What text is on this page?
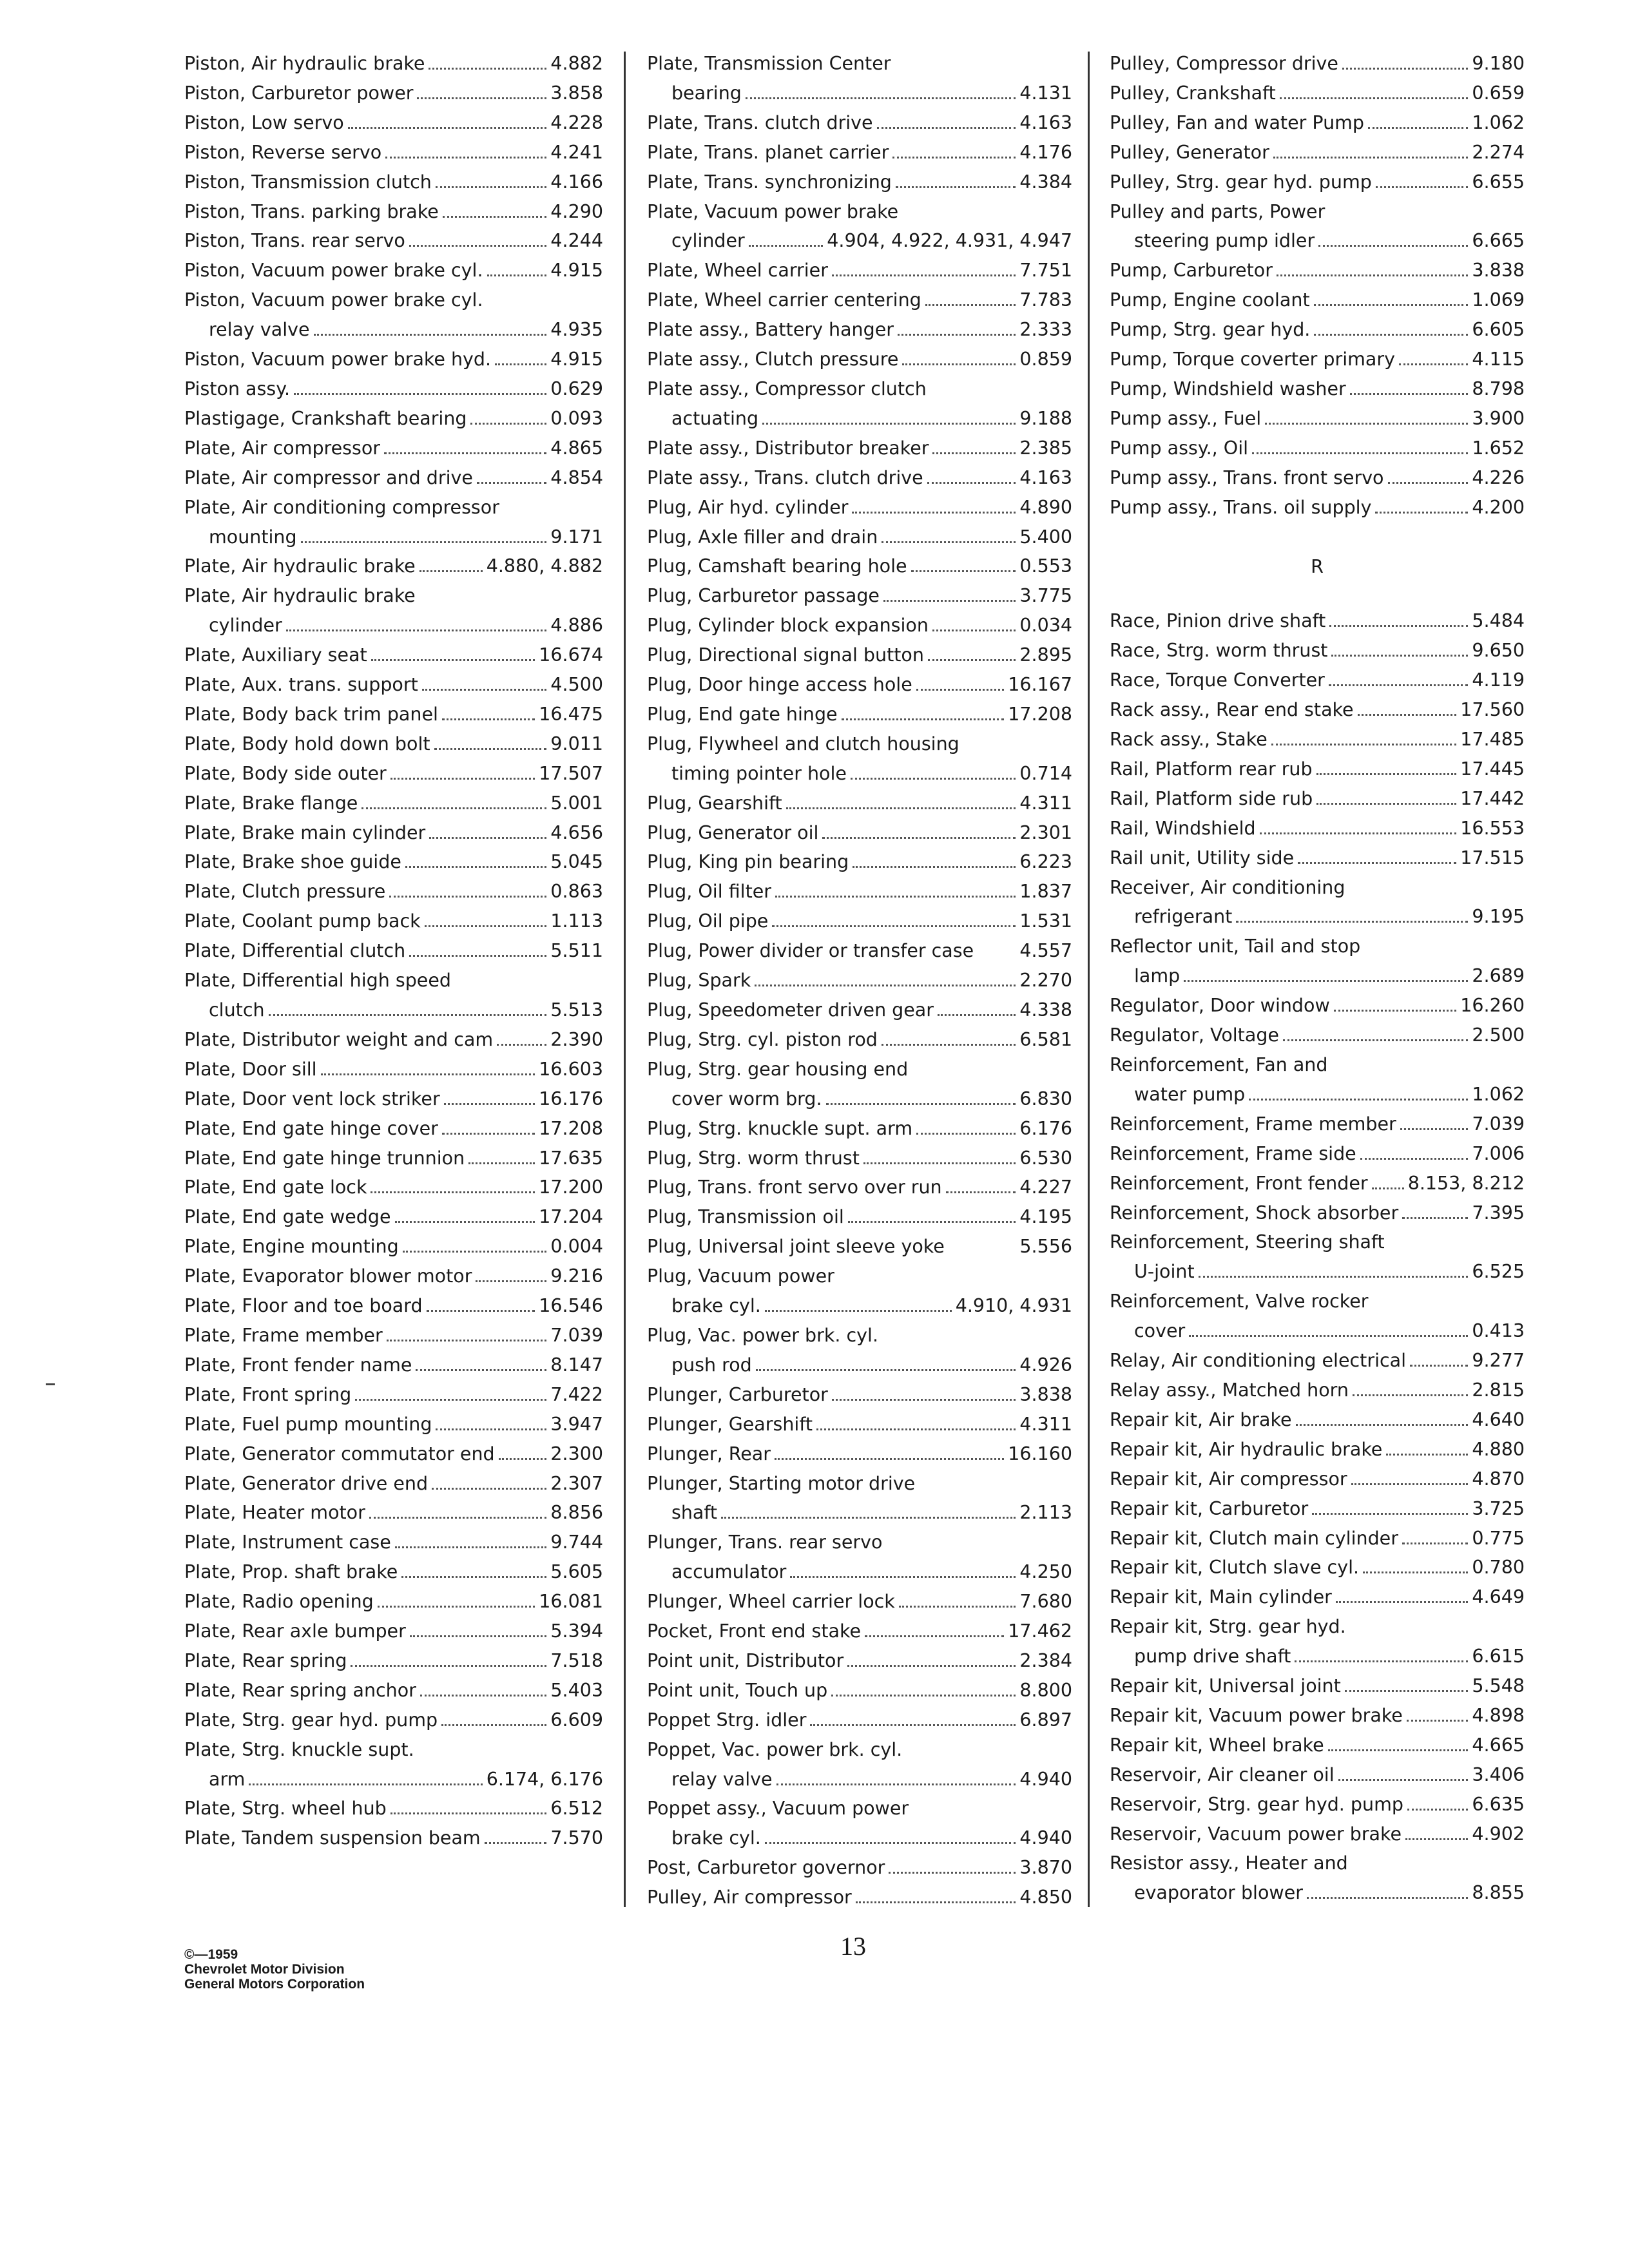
Piston, Air hydraulic brake	4.882
Piston, Carburetor power	3.858
Piston, Low servo	4.228
Piston, Reverse servo	4.241
Piston, Transmission clutch	4.166
Piston, Trans. parking brake	4.290
Piston, Trans. rear servo	4.244
Piston, Vacuum power brake cyl.	4.915
Piston, Vacuum power brake cyl.
relay valve	4.935
Piston, Vacuum power brake hyd.	4.915
Piston assy.	0.629
Plastigage, Crankshaft bearing	0.093
Plate, Air compressor	4.865
Plate, Air compressor and drive	4.854
Plate, Air conditioning compressor
mounting	9.171
Plate, Air hydraulic brake	4.880, 4.882
Plate, Air hydraulic brake
cylinder	4.886
Plate, Auxiliary seat	16.674
Plate, Aux. trans. support	4.500
Plate, Body back trim panel	16.475
Plate, Body hold down bolt	9.011
Plate, Body side outer	17.507
Plate, Brake flange	5.001
Plate, Brake main cylinder	4.656
Plate, Brake shoe guide	5.045
Plate, Clutch pressure	0.863
Plate, Coolant pump back	1.113
Plate, Differential clutch	5.511
Plate, Differential high speed
clutch	5.513
Plate, Distributor weight and cam	2.390
Plate, Door sill	16.603
Plate, Door vent lock striker	16.176
Plate, End gate hinge cover	17.208
Plate, End gate hinge trunnion	17.635
Plate, End gate lock	17.200
Plate, End gate wedge	17.204
Plate, Engine mounting	0.004
Plate, Evaporator blower motor	9.216
Plate, Floor and toe board	16.546
Plate, Frame member	7.039
Plate, Front fender name	8.147
Plate, Front spring	7.422
Plate, Fuel pump mounting	3.947
Plate, Generator commutator end	2.300
Plate, Generator drive end	2.307
Plate, Heater motor	8.856
Plate, Instrument case	9.744
Plate, Prop. shaft brake	5.605
Plate, Radio opening	16.081
Plate, Rear axle bumper	5.394
Plate, Rear spring	7.518
Plate, Rear spring anchor	5.403
Plate, Strg. gear hyd. pump	6.609
Plate, Strg. knuckle supt.
arm	6.174, 6.176
Plate, Strg. wheel hub	6.512
Plate, Tandem suspension beam	7.570
Plate, Transmission Center
bearing	4.131
Plate, Trans. clutch drive	4.163
Plate, Trans. planet carrier	4.176
Plate, Trans. synchronizing	4.384
Plate, Vacuum power brake
cylinder	4.904, 4.922, 4.931, 4.947
Plate, Wheel carrier	7.751
Plate, Wheel carrier centering	7.783
Plate assy., Battery hanger	2.333
Plate assy., Clutch pressure	0.859
Plate assy., Compressor clutch
actuating	9.188
Plate assy., Distributor breaker	2.385
Plate assy., Trans. clutch drive	4.163
Plug, Air hyd. cylinder	4.890
Plug, Axle filler and drain	5.400
Plug, Camshaft bearing hole	0.553
Plug, Carburetor passage	3.775
Plug, Cylinder block expansion	0.034
Plug, Directional signal button	2.895
Plug, Door hinge access hole	16.167
Plug, End gate hinge	17.208
Plug, Flywheel and clutch housing
timing pointer hole	0.714
Plug, Gearshift	4.311
Plug, Generator oil	2.301
Plug, King pin bearing	6.223
Plug, Oil filter	1.837
Plug, Oil pipe	1.531
Plug, Power divider or transfer case	4.557
Plug, Spark	2.270
Plug, Speedometer driven gear	4.338
Plug, Strg. cyl. piston rod	6.581
Plug, Strg. gear housing end
cover worm brg.	6.830
Plug, Strg. knuckle supt. arm	6.176
Plug, Strg. worm thrust	6.530
Plug, Trans. front servo over run	4.227
Plug, Transmission oil	4.195
Plug, Universal joint sleeve yoke	5.556
Plug, Vacuum power
brake cyl.	4.910, 4.931
Plug, Vac. power brk. cyl.
push rod	4.926
Plunger, Carburetor	3.838
Plunger, Gearshift	4.311
Plunger, Rear	16.160
Plunger, Starting motor drive
shaft	2.113
Plunger, Trans. rear servo
accumulator	4.250
Plunger, Wheel carrier lock	7.680
Pocket, Front end stake	17.462
Point unit, Distributor	2.384
Point unit, Touch up	8.800
Poppet Strg. idler	6.897
Poppet, Vac. power brk. cyl.
relay valve	4.940
Poppet assy., Vacuum power
brake cyl.	4.940
Post, Carburetor governor	3.870
Pulley, Air compressor	4.850
Pulley, Compressor drive	9.180
Pulley, Crankshaft	0.659
Pulley, Fan and water Pump	1.062
Pulley, Generator	2.274
Pulley, Strg. gear hyd. pump	6.655
Pulley and parts, Power
steering pump idler	6.665
Pump, Carburetor	3.838
Pump, Engine coolant	1.069
Pump, Strg. gear hyd.	6.605
Pump, Torque coverter primary	4.115
Pump, Windshield washer	8.798
Pump assy., Fuel	3.900
Pump assy., Oil	1.652
Pump assy., Trans. front servo	4.226
Pump assy., Trans. oil supply	4.200
R
Race, Pinion drive shaft	5.484
Race, Strg. worm thrust	9.650
Race, Torque Converter	4.119
Rack assy., Rear end stake	17.560
Rack assy., Stake	17.485
Rail, Platform rear rub	17.445
Rail, Platform side rub	17.442
Rail, Windshield	16.553
Rail unit, Utility side	17.515
Receiver, Air conditioning
refrigerant	9.195
Reflector unit, Tail and stop
lamp	2.689
Regulator, Door window	16.260
Regulator, Voltage	2.500
Reinforcement, Fan and
water pump	1.062
Reinforcement, Frame member	7.039
Reinforcement, Frame side	7.006
Reinforcement, Front fender 8.153, 8.212
Reinforcement, Shock absorber	7.395
Reinforcement, Steering shaft
U-joint	6.525
Reinforcement, Valve rocker
cover	0.413
Relay, Air conditioning electrical	9.277
Relay assy., Matched horn	2.815
Repair kit, Air brake	4.640
Repair kit, Air hydraulic brake	4.880
Repair kit, Air compressor	4.870
Repair kit, Carburetor	3.725
Repair kit, Clutch main cylinder	0.775
Repair kit, Clutch slave cyl.	0.780
Repair kit, Main cylinder	4.649
Repair kit, Strg. gear hyd.
pump drive shaft	6.615
Repair kit, Universal joint	5.548
Repair kit, Vacuum power brake	4.898
Repair kit, Wheel brake	4.665
Reservoir, Air cleaner oil	3.406
Reservoir, Strg. gear hyd. pump	6.635
Reservoir, Vacuum power brake	4.902
Resistor assy., Heater and
evaporator blower	8.855
©—1959
Chevrolet Motor Division
General Motors Corporation
13
